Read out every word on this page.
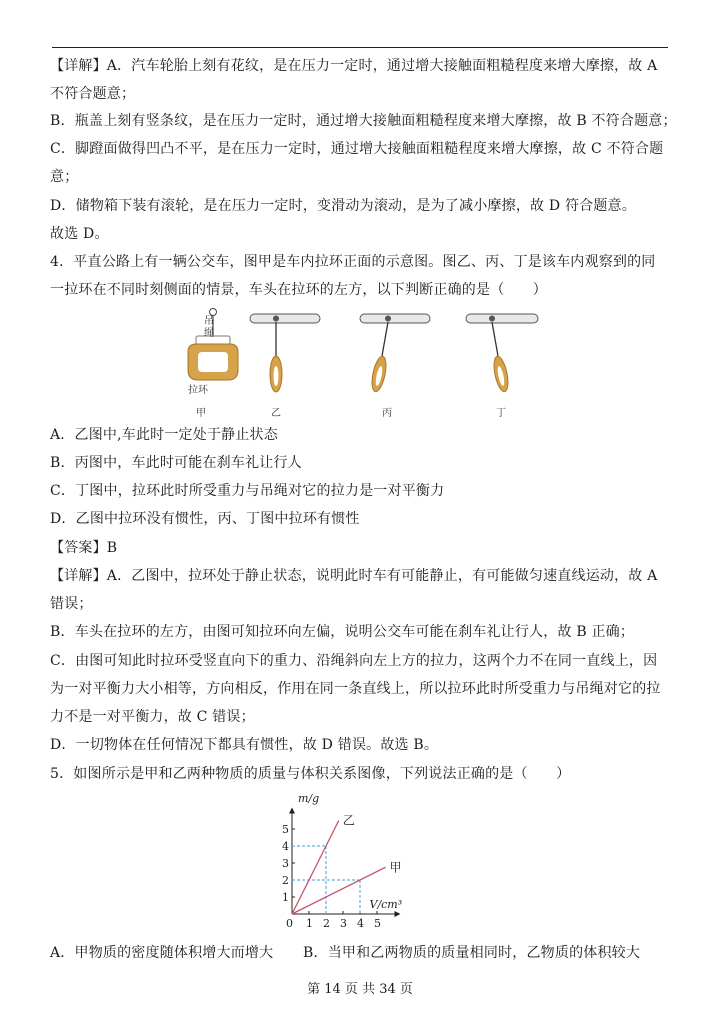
【详解】A．汽车轮胎上刻有花纹，是在压力一定时，通过增大接触面粗糙程度来增大摩擦，故 A
不符合题意；
B．瓶盖上刻有竖条纹，是在压力一定时，通过增大接触面粗糙程度来增大摩擦，故 B 不符合题意；
C．脚蹬面做得凹凸不平，是在压力一定时，通过增大接触面粗糙程度来增大摩擦，故 C 不符合题
意；
D．储物箱下装有滚轮，是在压力一定时，变滑动为滚动，是为了减小摩擦，故 D 符合题意。
故选 D。
4．平直公路上有一辆公交车，图甲是车内拉环正面的示意图。图乙、丙、丁是该车内观察到的同
一拉环在不同时刻侧面的情景，车头在拉环的左方，以下判断正确的是（　　）
吊
绳
拉环
甲	乙	丙	丁
A．乙图中,车此时一定处于静止状态
B．丙图中，车此时可能在刹车礼让行人
C．丁图中，拉环此时所受重力与吊绳对它的拉力是一对平衡力
D．乙图中拉环没有惯性，丙、丁图中拉环有惯性
【答案】B
【详解】A．乙图中，拉环处于静止状态，说明此时车有可能静止，有可能做匀速直线运动，故 A
错误；
B．车头在拉环的左方，由图可知拉环向左偏，说明公交车可能在刹车礼让行人，故 B 正确；
C．由图可知此时拉环受竖直向下的重力、沿绳斜向左上方的拉力，这两个力不在同一直线上，因
为一对平衡力大小相等，方向相反，作用在同一条直线上，所以拉环此时所受重力与吊绳对它的拉
力不是一对平衡力，故 C 错误；
D．一切物体在任何情况下都具有惯性，故 D 错误。故选 B。
5．如图所示是甲和乙两种物质的质量与体积关系图像，下列说法正确的是（　　）
m/g
V/cm³
0 1 2 3 4 5
1
2
3
4
5
乙
甲
A．甲物质的密度随体积增大而增大 B．当甲和乙两物质的质量相同时，乙物质的体积较大
第 14 页 共 34 页
